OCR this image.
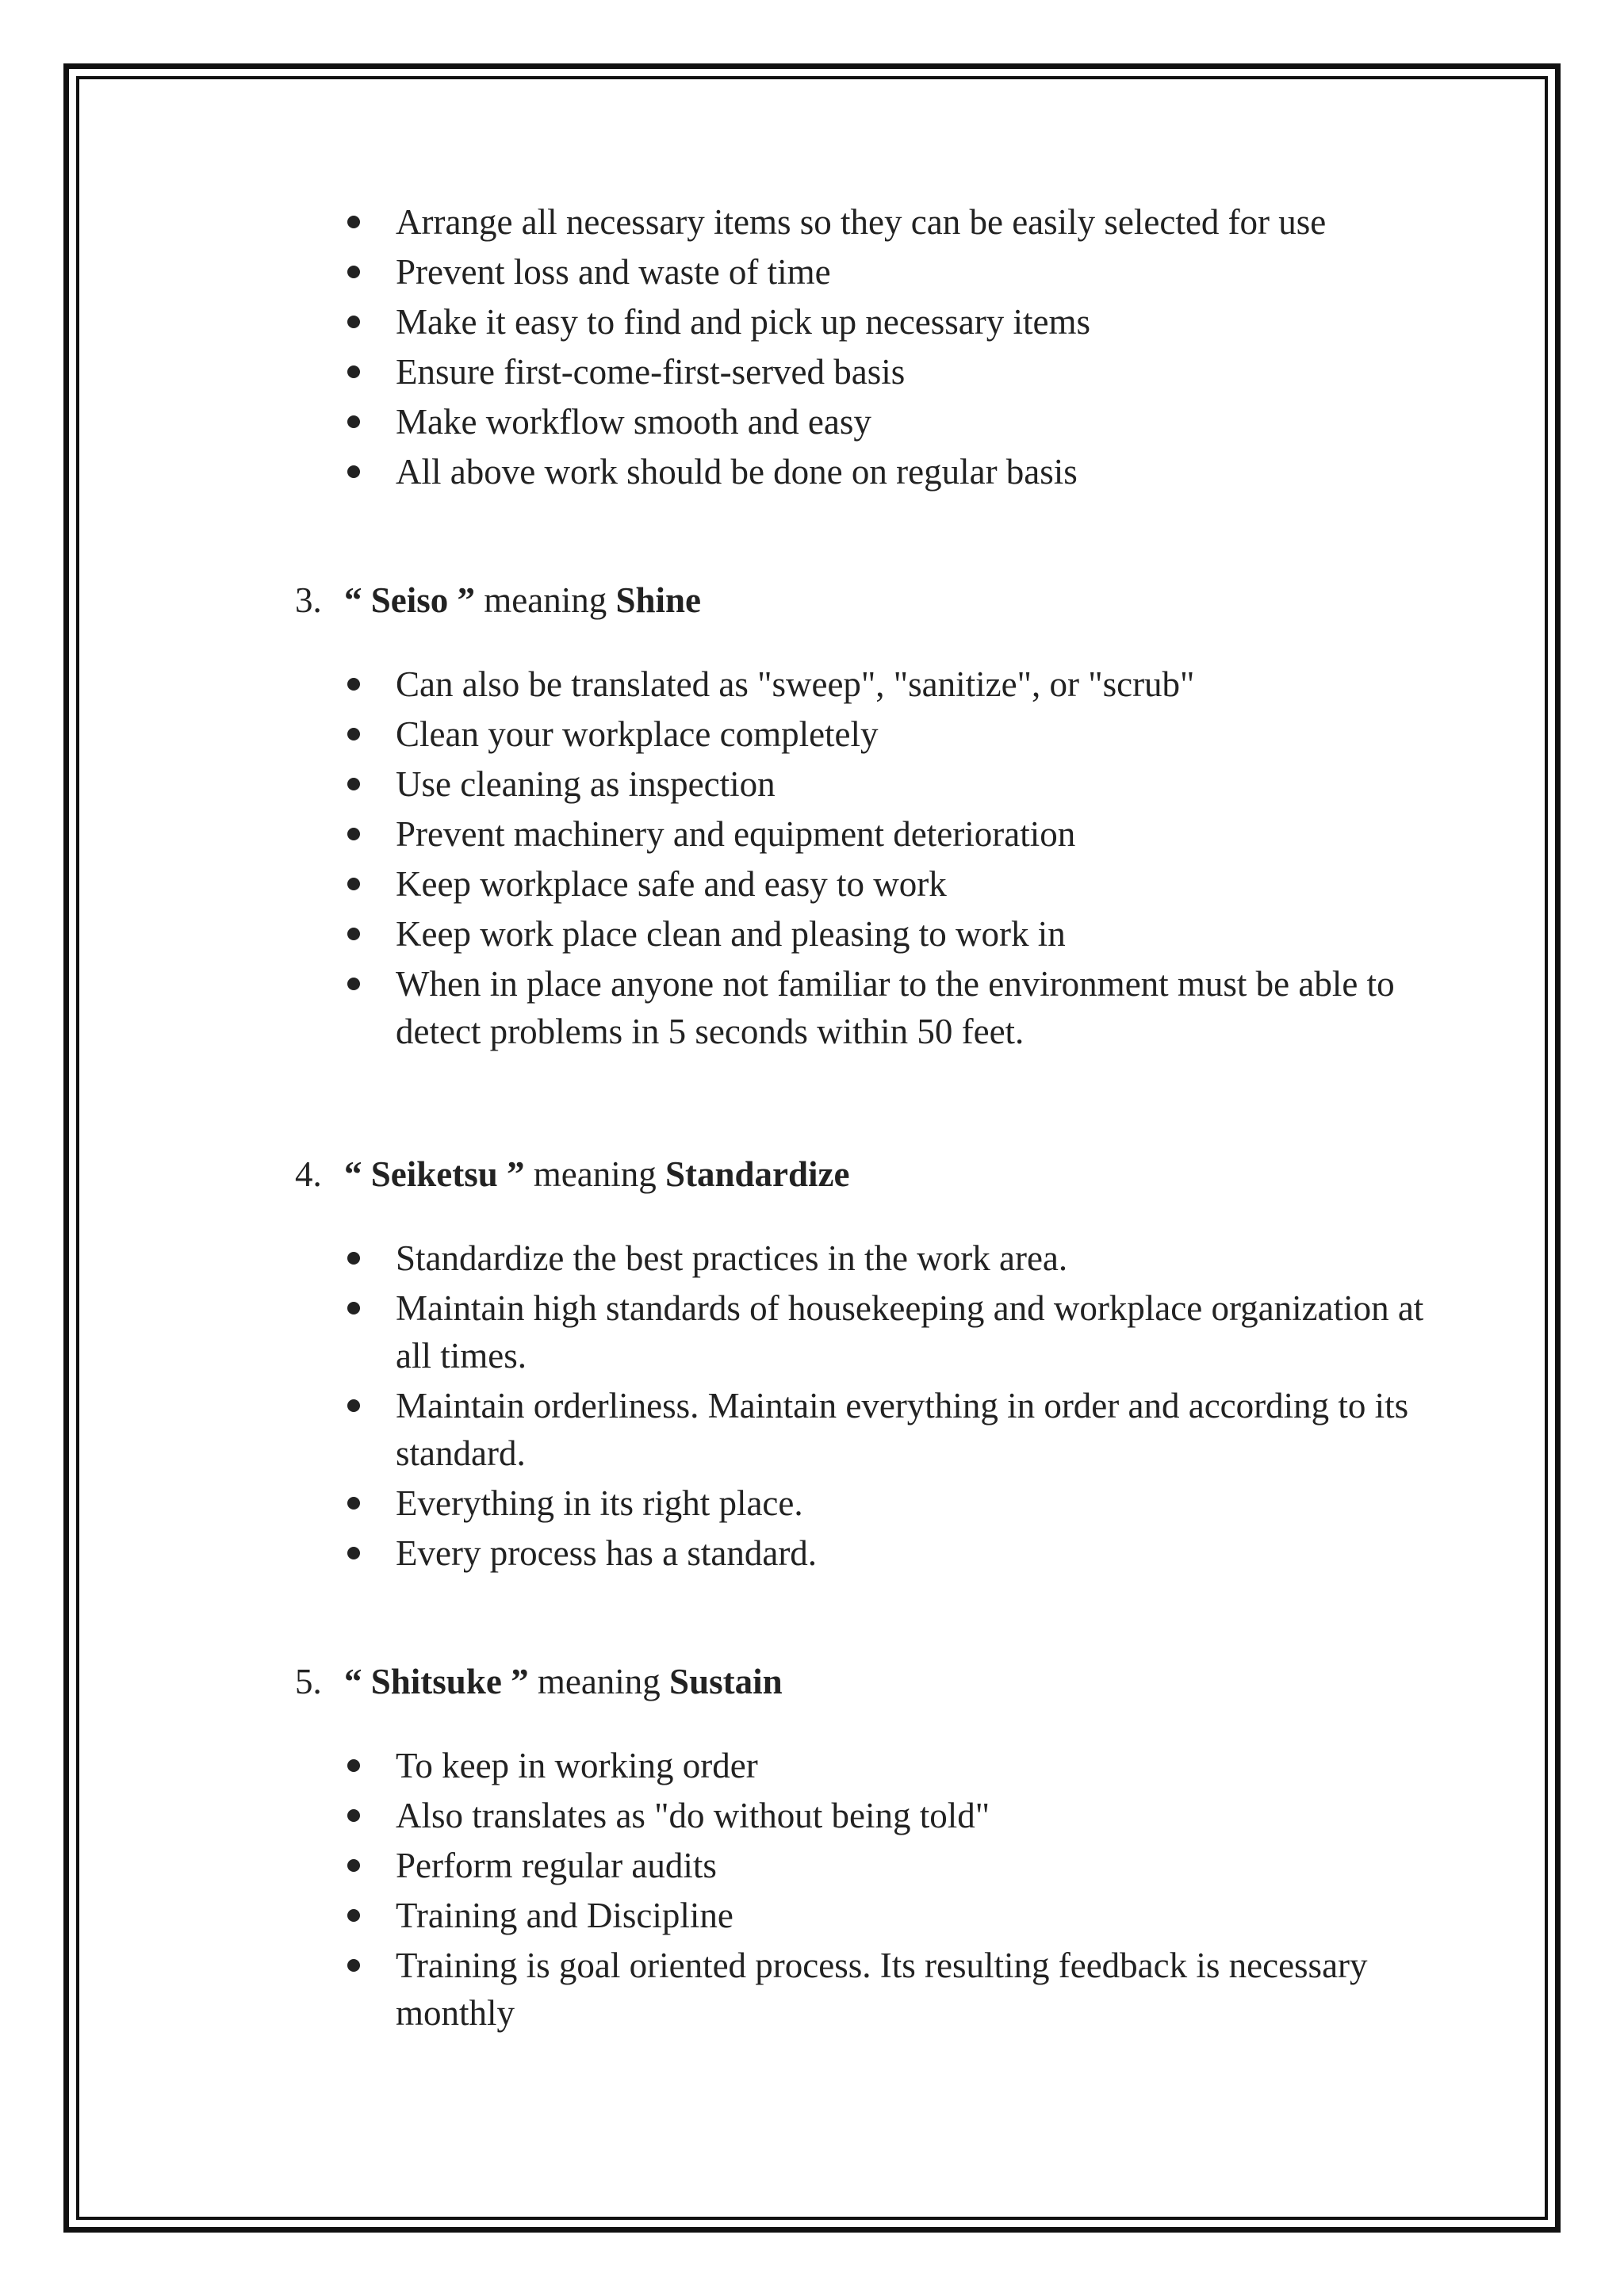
Arrange all necessary items so they can be easily selected for use
Prevent loss and waste of time
Make it easy to find and pick up necessary items
Ensure first-come-first-served basis
Make workflow smooth and easy
All above work should be done on regular basis
3. “ Seiso ” meaning Shine
Can also be translated as "sweep", "sanitize", or "scrub"
Clean your workplace completely
Use cleaning as inspection
Prevent machinery and equipment deterioration
Keep workplace safe and easy to work
Keep work place clean and pleasing to work in
When in place anyone not familiar to the environment must be able to detect problems in 5 seconds within 50 feet.
4. “ Seiketsu ” meaning Standardize
Standardize the best practices in the work area.
Maintain high standards of housekeeping and workplace organization at all times.
Maintain orderliness. Maintain everything in order and according to its standard.
Everything in its right place.
Every process has a standard.
5. “ Shitsuke ” meaning Sustain
To keep in working order
Also translates as "do without being told"
Perform regular audits
Training and Discipline
Training is goal oriented process. Its resulting feedback is necessary monthly
